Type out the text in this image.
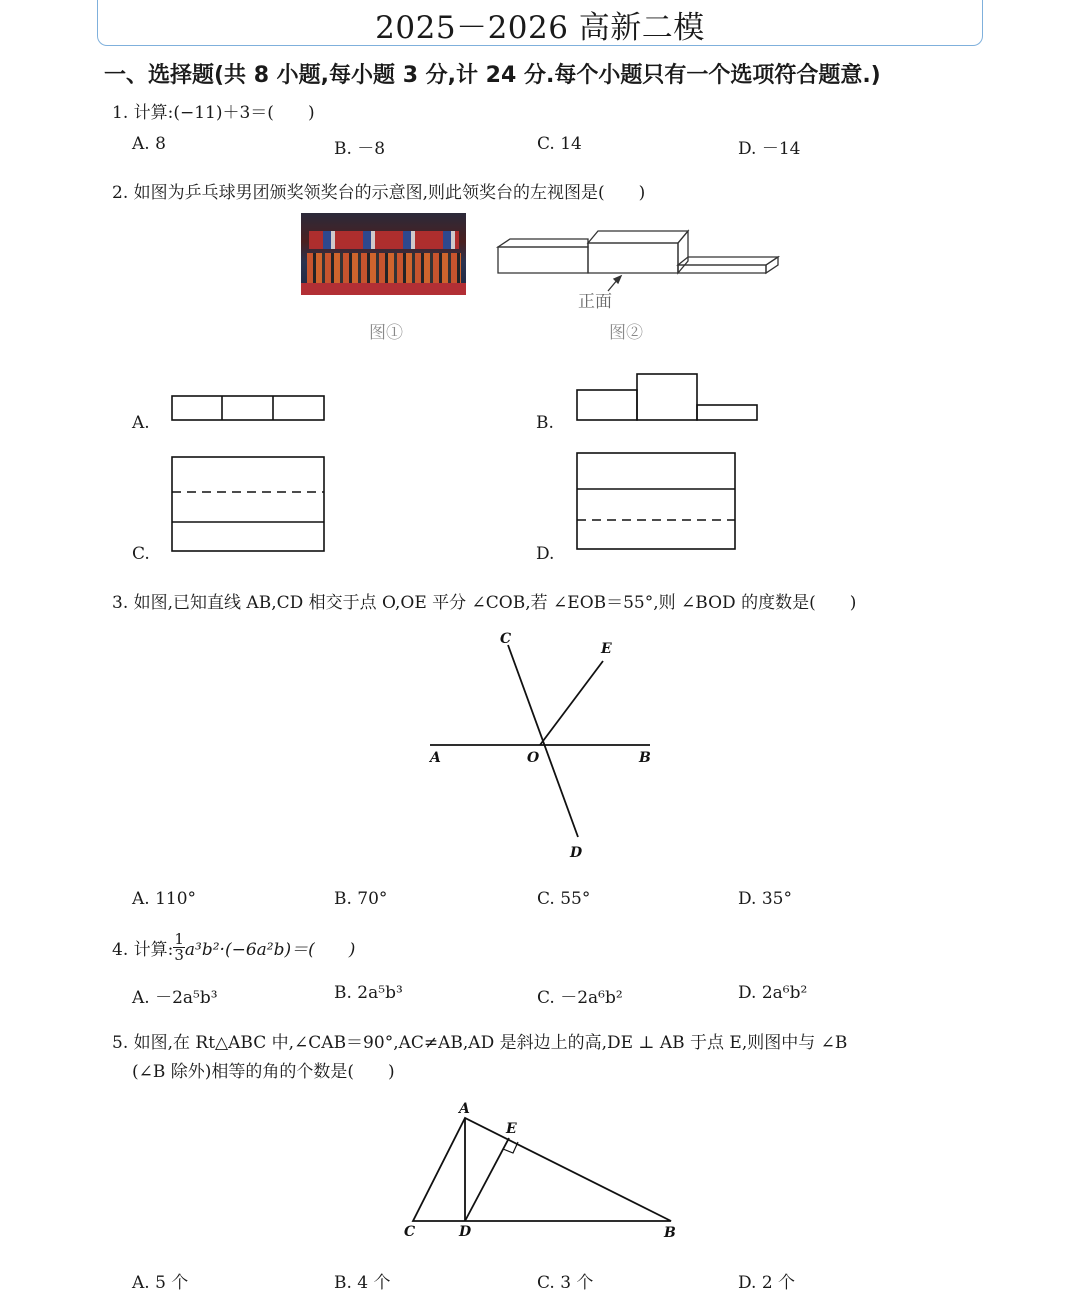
2025－2026 高新二模
一、选择题(共 8 小题,每小题 3 分,计 24 分.每个小题只有一个选项符合题意.)
1. 计算:(−11)＋3＝(　　)
A. 8	B. －8	C. 14	D. －14
2. 如图为乒乓球男团颁奖领奖台的示意图,则此领奖台的左视图是(　　)
正面
图①	图②
A.	B.
C.	D.
3. 如图,已知直线 AB,CD 相交于点 O,OE 平分 ∠COB,若 ∠EOB＝55°,则 ∠BOD 的度数是(　　)
C
E
A	O	B
D
A. 110°	B. 70°	C. 55°	D. 35°
4. 计算: $\frac{1}{3} a^3b^2\cdot(-6a^2b)=$(　　)
A. －2a⁵b³	B. 2a⁵b³	C. －2a⁶b²	D. 2a⁶b²
5. 如图,在 Rt△ABC 中,∠CAB＝90°,AC≠AB,AD 是斜边上的高,DE ⊥ AB 于点 E,则图中与 ∠B
(∠B 除外)相等的角的个数是(　　)
A
E
C	D	B
A. 5 个	B. 4 个	C. 3 个	D. 2 个
